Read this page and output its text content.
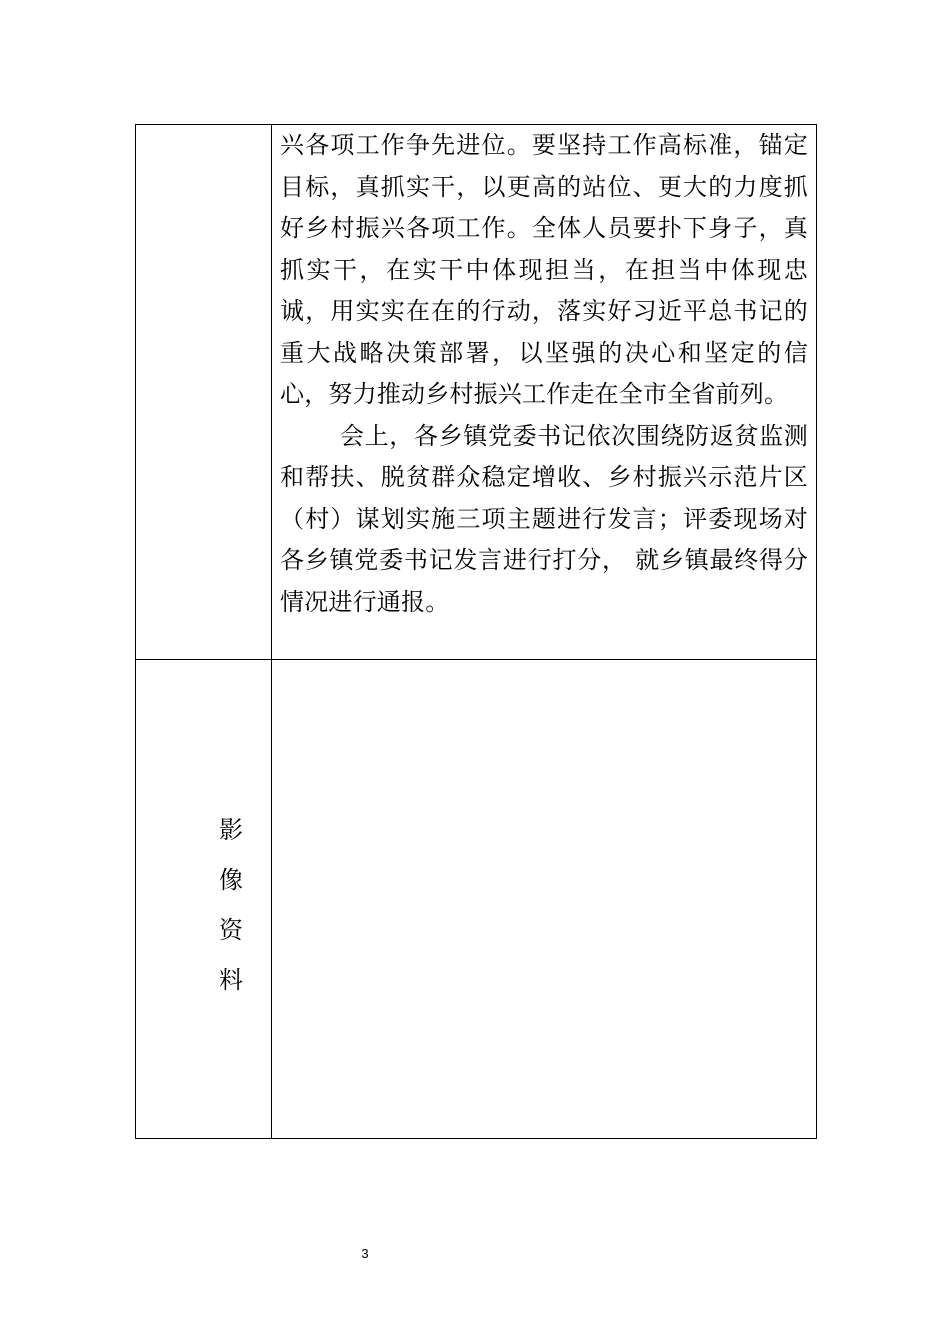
	兴各项工作争先进位。要坚持工作高标准，锚定目标，真抓实干，以更高的站位、更大的力度抓好乡村振兴各项工作。全体人员要扑下身子，真抓实干，在实干中体现担当，在担当中体现忠诚，用实实在在的行动，落实好习近平总书记的重大战略决策部署，以坚强的决心和坚定的信心，努力推动乡村振兴工作走在全市全省前列。

会上，各乡镇党委书记依次围绕防返贫监测和帮扶、脱贫群众稳定增收、乡村振兴示范片区（村）谋划实施三项主题进行发言；评委现场对各乡镇党委书记发言进行打分， 就乡镇最终得分情况进行通报。

影
像
资
料	

3
